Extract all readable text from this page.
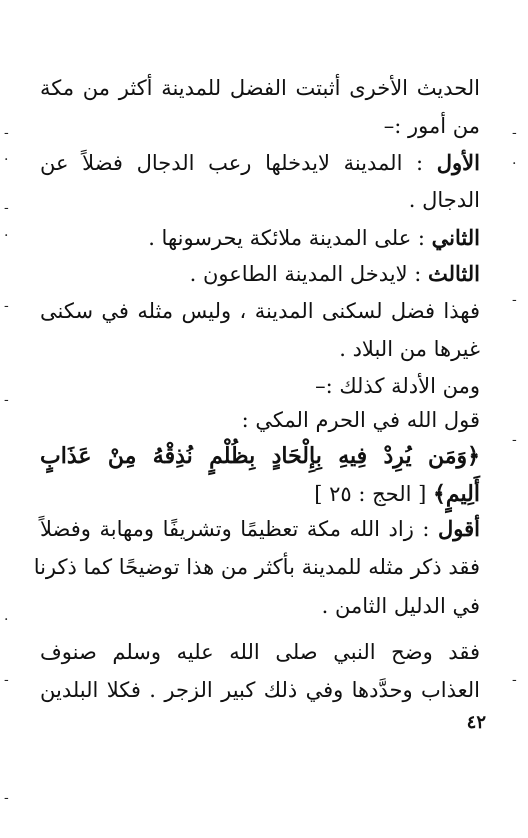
الحديث الأخرى أثبتت الفضل للمدينة أكثر من مكة
من أمور :–
الأول : المدينة لايدخلها رعب الدجال فضلاً عن
الدجال .
الثاني : على المدينة ملائكة يحرسونها .
الثالث : لايدخل المدينة الطاعون .
فهذا فضل لسكنى المدينة ، وليس مثله في سكنى
غيرها من البلاد .
ومن الأدلة كذلك :–
قول الله في الحرم المكي :
﴿وَمَن يُرِدْ فِيهِ بِإِلْحَادٍ بِظُلْمٍ نُذِقْهُ مِنْ عَذَابٍ
أَلِيمٍ﴾ [ الحج : ٢٥ ]
أقول : زاد الله مكة تعظيمًا وتشريفًا ومهابة وفضلاً
فقد ذكر مثله للمدينة بأكثر من هذا توضيحًا كما ذكرنا
في الدليل الثامن .
فقد وضح النبي صلى الله عليه وسلم صنوف
العذاب وحدَّدها وفي ذلك كبير الزجر . فكلا البلدين
٤٢
-
·
-
·
-
-
·
-
-
-
.
-
-
-
